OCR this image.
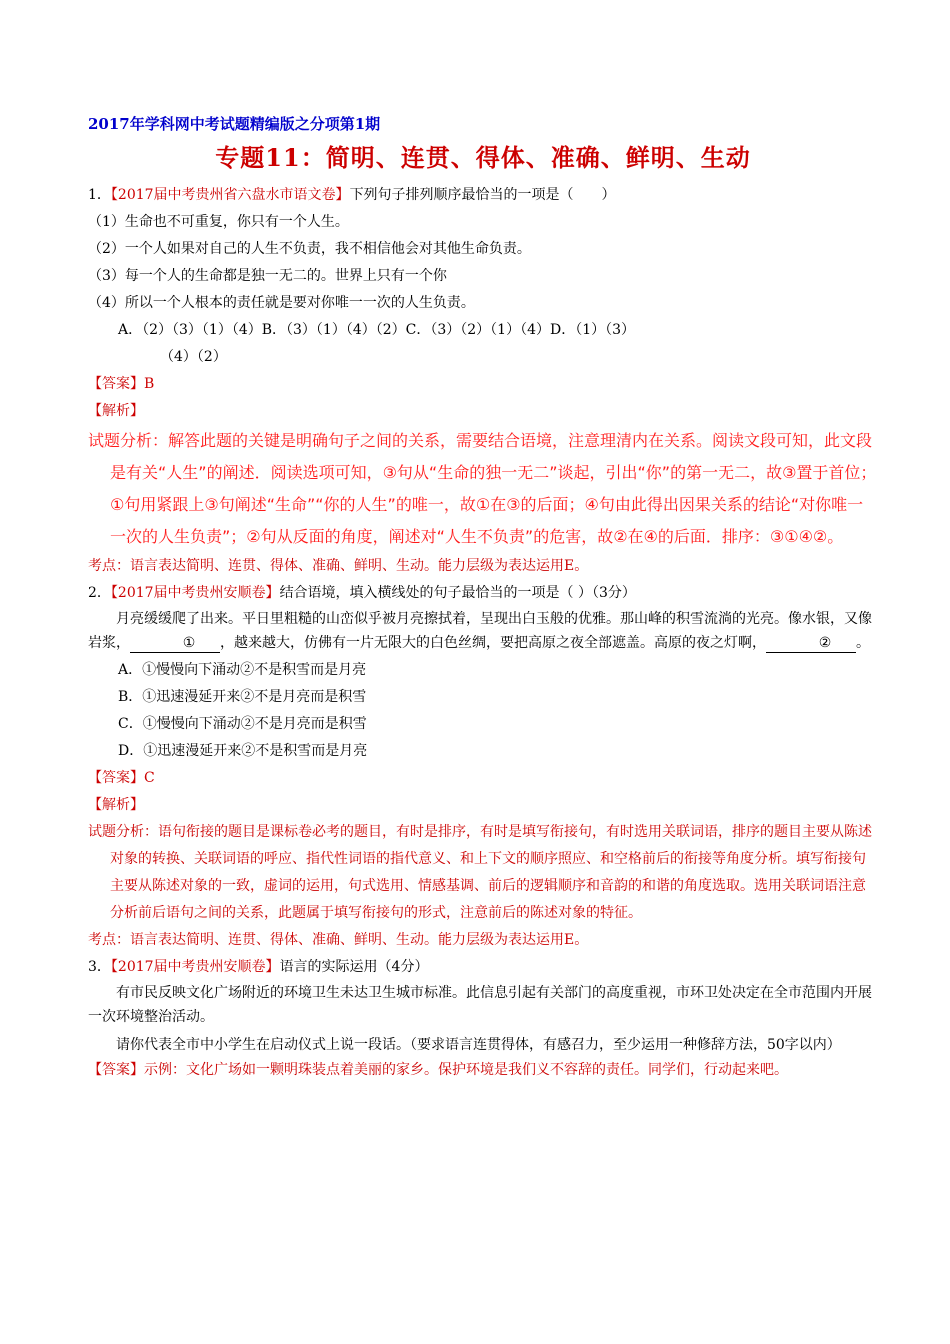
2017年学科网中考试题精编版之分项第1期
专题11：简明、连贯、得体、准确、鲜明、生动
1．【2017届中考贵州省六盘水市语文卷】下列句子排列顺序最恰当的一项是（　　）
（1）生命也不可重复，你只有一个人生。
（2）一个人如果对自己的人生不负责，我不相信他会对其他生命负责。
（3）每一个人的生命都是独一无二的。世界上只有一个你
（4）所以一个人根本的责任就是要对你唯一一次的人生负责。
A．（2）（3）（1）（4）B．（3）（1）（4）（2）C．（3）（2）（1）（4）D．（1）（3）
（4）（2）
【答案】B
【解析】
试题分析：解答此题的关键是明确句子之间的关系，需要结合语境，注意理清内在关系。阅读文段可知，此文段是有关“人生”的阐述．阅读选项可知，③句从“生命的独一无二”谈起，引出“你”的第一无二，故③置于首位；①句用紧跟上③句阐述“生命”“你的人生”的唯一，故①在③的后面；④句由此得出因果关系的结论“对你唯一一次的人生负责”；②句从反面的角度，阐述对“人生不负责”的危害，故②在④的后面．排序：③①④②。
考点：语言表达简明、连贯、得体、准确、鲜明、生动。能力层级为表达运用E。
2．【2017届中考贵州安顺卷】结合语境，填入横线处的句子最恰当的一项是（ ）（3分）
月亮缓缓爬了出来。平日里粗糙的山峦似乎被月亮擦拭着，呈现出白玉般的优雅。那山峰的积雪流淌的光亮。像水银，又像岩浆，	① ，越来越大，仿佛有一片无限大的白色丝绸，要把高原之夜全部遮盖。高原的夜之灯啊，	② 。
A．①慢慢向下涌动②不是积雪而是月亮
B．①迅速漫延开来②不是月亮而是积雪
C．①慢慢向下涌动②不是月亮而是积雪
D．①迅速漫延开来②不是积雪而是月亮
【答案】C
【解析】
试题分析：语句衔接的题目是课标卷必考的题目，有时是排序，有时是填写衔接句，有时选用关联词语，排序的题目主要从陈述对象的转换、关联词语的呼应、指代性词语的指代意义、和上下文的顺序照应、和空格前后的衔接等角度分析。填写衔接句主要从陈述对象的一致，虚词的运用，句式选用、情感基调、前后的逻辑顺序和音韵的和谐的角度选取。选用关联词语注意分析前后语句之间的关系，此题属于填写衔接句的形式，注意前后的陈述对象的特征。
考点：语言表达简明、连贯、得体、准确、鲜明、生动。能力层级为表达运用E。
3．【2017届中考贵州安顺卷】语言的实际运用（4分）
有市民反映文化广场附近的环境卫生未达卫生城市标准。此信息引起有关部门的高度重视，市环卫处决定在全市范围内开展一次环境整治活动。
请你代表全市中小学生在启动仪式上说一段话。（要求语言连贯得体，有感召力，至少运用一种修辞方法，50字以内）
【答案】示例：文化广场如一颗明珠装点着美丽的家乡。保护环境是我们义不容辞的责任。同学们，行动起来吧。
